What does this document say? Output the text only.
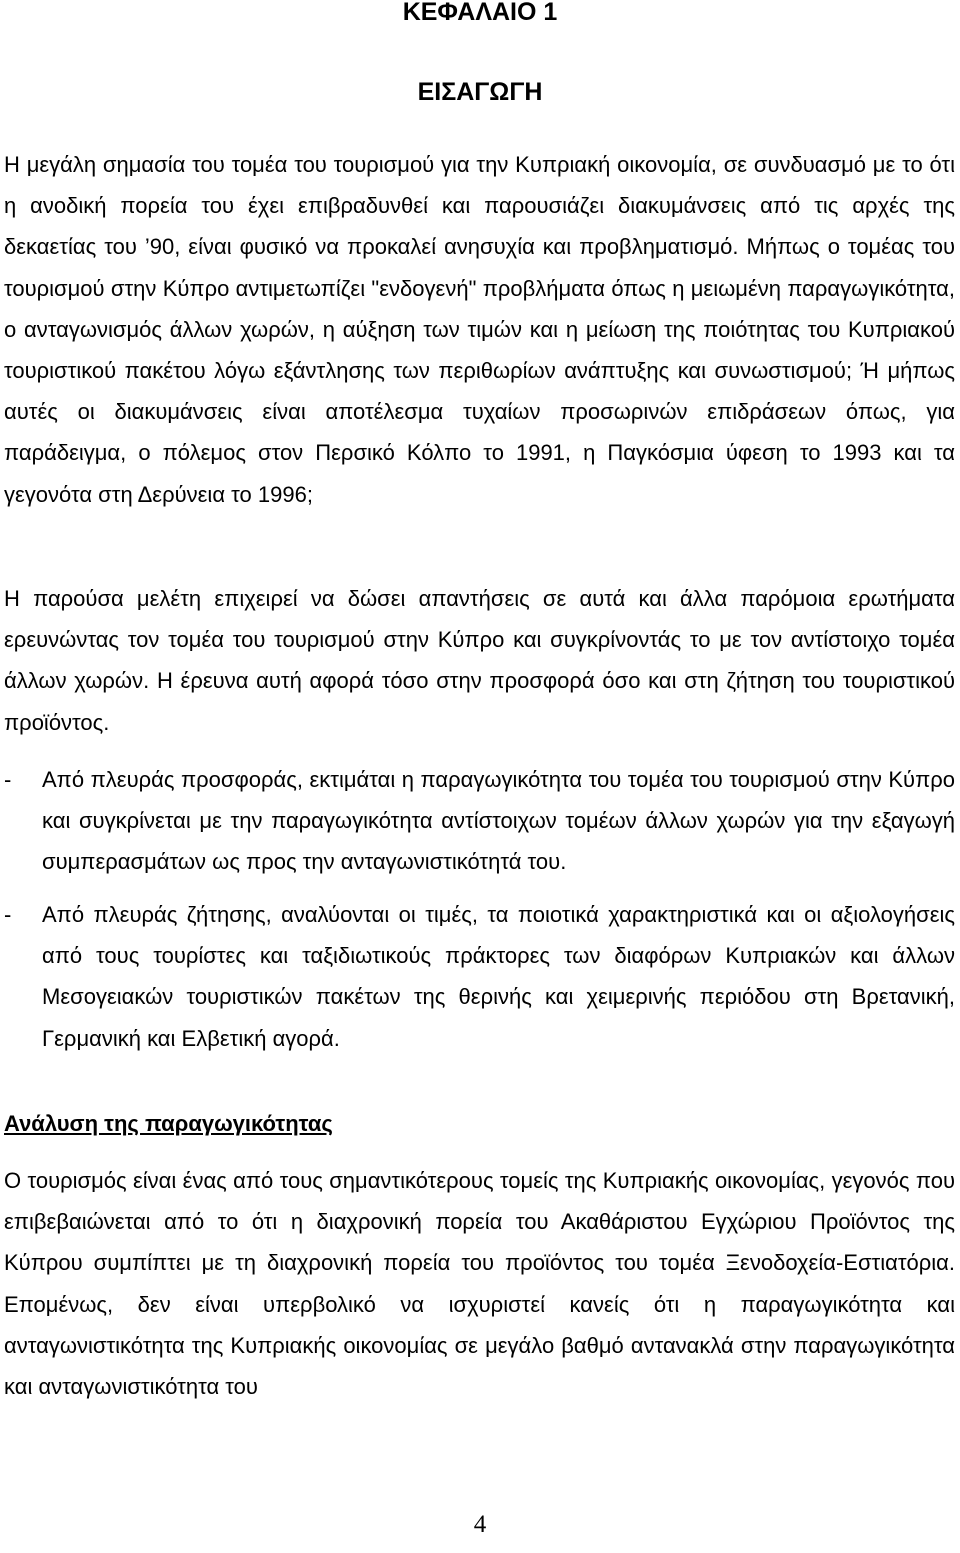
ΚΕΦΑΛΑΙΟ 1
ΕΙΣΑΓΩΓΗ

Η μεγάλη σημασία του τομέα του τουρισμού για την Κυπριακή οικονομία, σε συνδυασμό με το ότι η ανοδική πορεία του έχει επιβραδυνθεί και παρουσιάζει διακυμάνσεις από τις αρχές της δεκαετίας του ’90, είναι φυσικό να προκαλεί ανησυχία και προβληματισμό. Μήπως ο τομέας του τουρισμού στην Κύπρο αντιμετωπίζει "ενδογενή" προβλήματα όπως η μειωμένη παραγωγικότητα, ο ανταγωνισμός άλλων χωρών, η αύξηση των τιμών και η μείωση της ποιότητας του Κυπριακού τουριστικού πακέτου λόγω εξάντλησης των περιθωρίων ανάπτυξης και συνωστισμού; Ή μήπως αυτές οι διακυμάνσεις είναι αποτέλεσμα τυχαίων προσωρινών επιδράσεων όπως, για παράδειγμα, ο πόλεμος στον Περσικό Κόλπο το 1991, η Παγκόσμια ύφεση το 1993 και τα γεγονότα στη Δερύνεια το 1996;

Η παρούσα μελέτη επιχειρεί να δώσει απαντήσεις σε αυτά και άλλα παρόμοια ερωτήματα ερευνώντας τον τομέα του τουρισμού στην Κύπρο και συγκρίνοντάς το με τον αντίστοιχο τομέα άλλων χωρών. Η έρευνα αυτή αφορά τόσο στην προσφορά όσο και στη ζήτηση του τουριστικού προϊόντος.

- Από πλευράς προσφοράς, εκτιμάται η παραγωγικότητα του τομέα του τουρισμού στην Κύπρο και συγκρίνεται με την παραγωγικότητα αντίστοιχων τομέων άλλων χωρών για την εξαγωγή συμπερασμάτων ως προς την ανταγωνιστικότητά του.
- Από πλευράς ζήτησης, αναλύονται οι τιμές, τα ποιοτικά χαρακτηριστικά και οι αξιολογήσεις από τους τουρίστες και ταξιδιωτικούς πράκτορες των διαφόρων Κυπριακών και άλλων Μεσογειακών τουριστικών πακέτων της θερινής και χειμερινής περιόδου στη Βρετανική, Γερμανική και Ελβετική αγορά.
Ανάλυση της παραγωγικότητας

Ο τουρισμός είναι ένας από τους σημαντικότερους τομείς της Κυπριακής οικονομίας, γεγονός που επιβεβαιώνεται από το ότι η διαχρονική πορεία του Ακαθάριστου Εγχώριου Προϊόντος της Κύπρου συμπίπτει με τη διαχρονική πορεία του προϊόντος του τομέα Ξενοδοχεία-Εστιατόρια. Επομένως, δεν είναι υπερβολικό να ισχυριστεί κανείς ότι η παραγωγικότητα και ανταγωνιστικότητα της Κυπριακής οικονομίας σε μεγάλο βαθμό αντανακλά στην παραγωγικότητα και ανταγωνιστικότητα του

4
